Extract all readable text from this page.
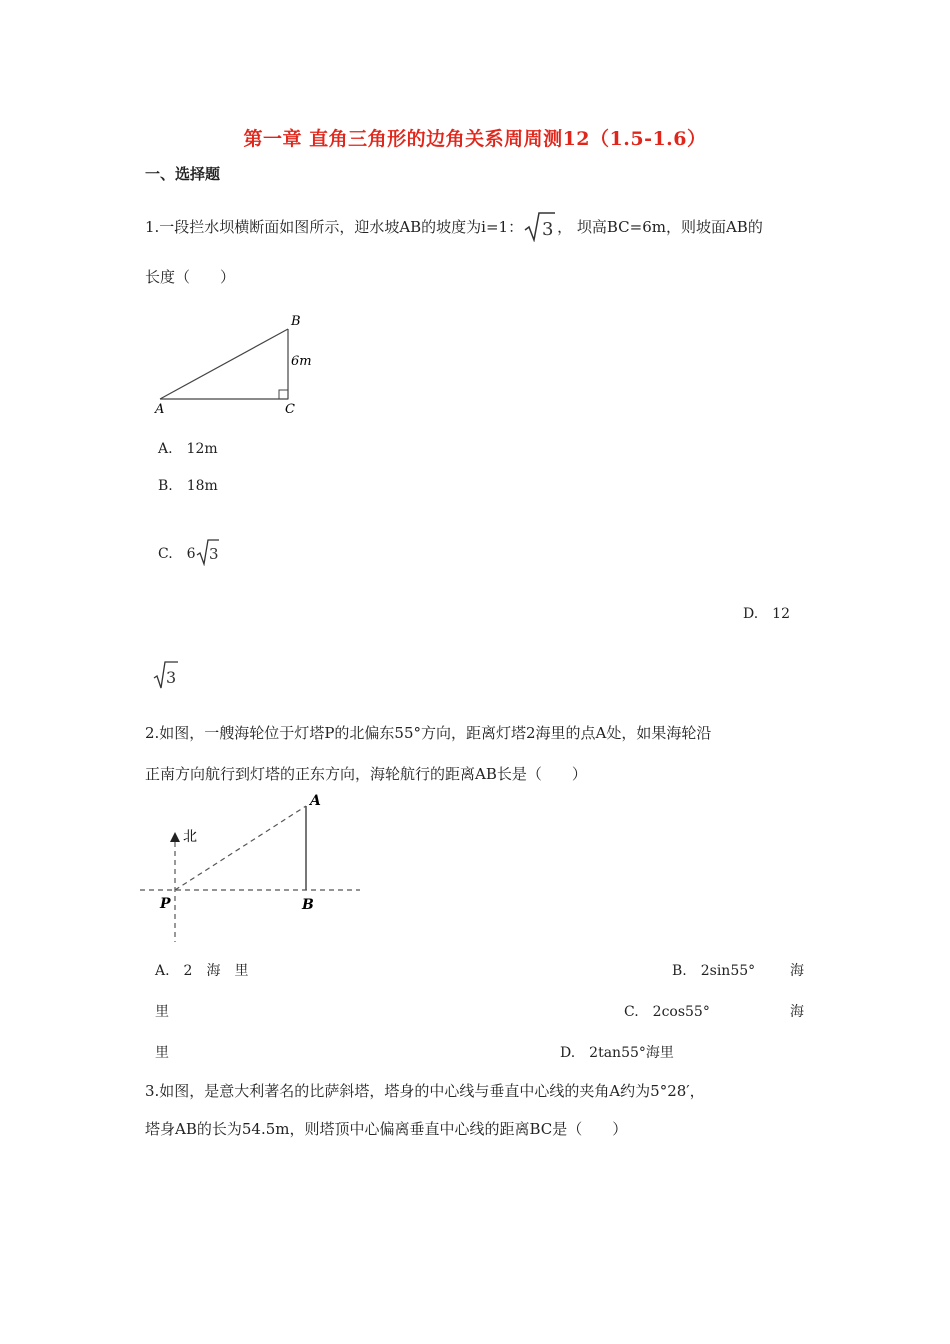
第一章 直角三角形的边角关系周周测12（1.5-1.6）
一、选择题
1.一段拦水坝横断面如图所示，迎水坡AB的坡度为i=1： 3 ， 坝高BC=6m，则坡面AB的
长度（　　）
A
B
C
6m
A.　12m
B.　18m
C.　6 3
D.　12
3
2.如图，一艘海轮位于灯塔P的北偏东55°方向，距离灯塔2海里的点A处，如果海轮沿
正南方向航行到灯塔的正东方向，海轮航行的距离AB长是（　　）
北
P
A
B
A.　2　海　里	B.　2sin55° 海
里	C.　2cos55°	海
里	D.　2tan55°海里
3.如图，是意大利著名的比萨斜塔，塔身的中心线与垂直中心线的夹角A约为5°28′，
塔身AB的长为54.5m，则塔顶中心偏离垂直中心线的距离BC是（　　）
